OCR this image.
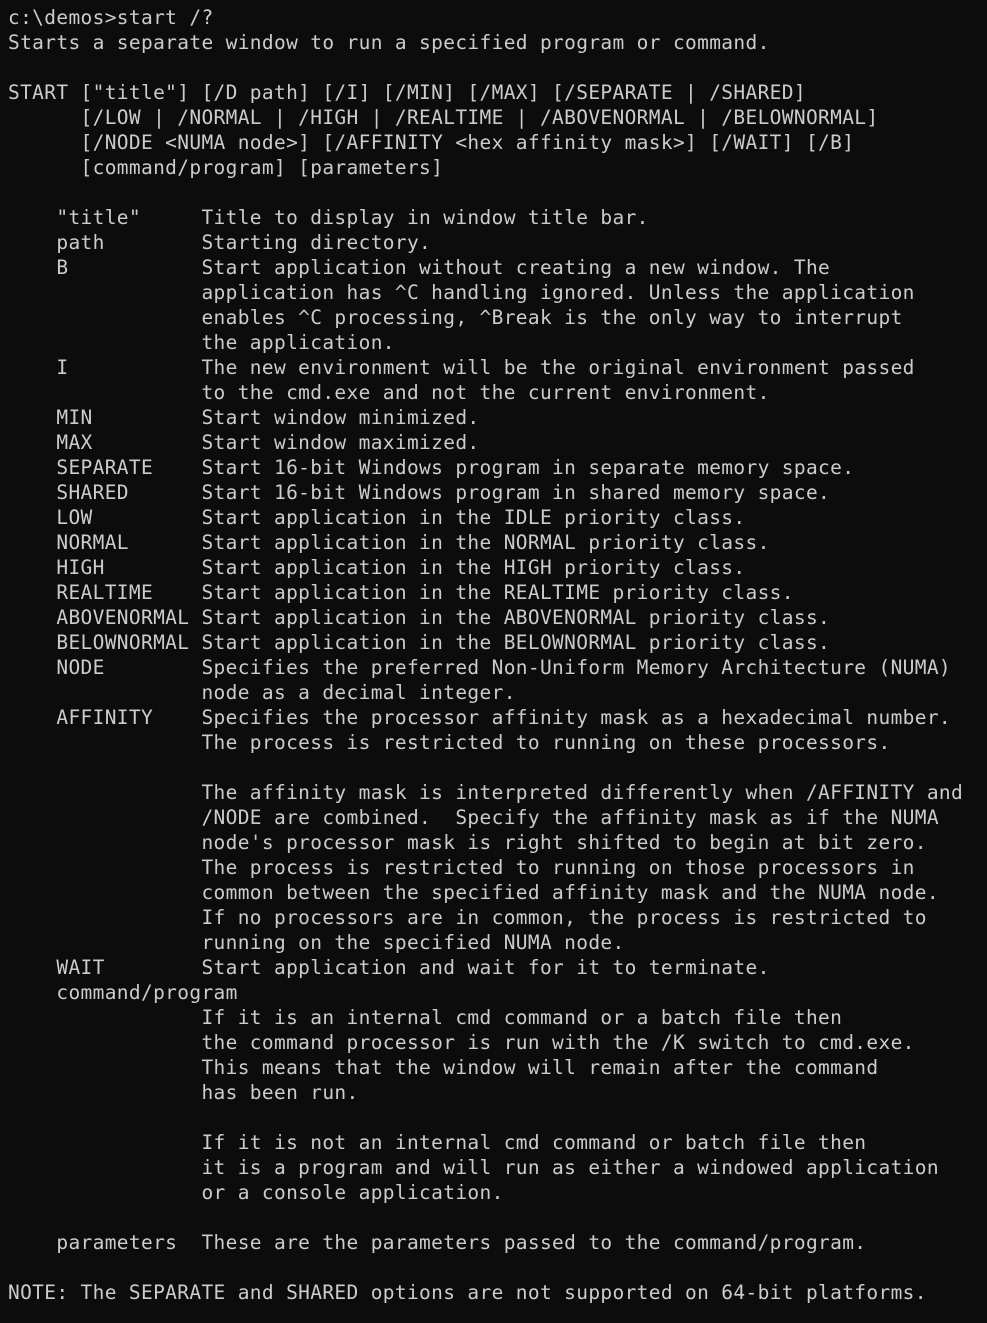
c:\demos>start /?
Starts a separate window to run a specified program or command.
START ["title"] [/D path] [/I] [/MIN] [/MAX] [/SEPARATE | /SHARED]
[/LOW | /NORMAL | /HIGH | /REALTIME | /ABOVENORMAL | /BELOWNORMAL]
[/NODE <NUMA node>] [/AFFINITY <hex affinity mask>] [/WAIT] [/B]
[command/program] [parameters]
"title"     Title to display in window title bar.
path        Starting directory.
B           Start application without creating a new window. The
application has ^C handling ignored. Unless the application
enables ^C processing, ^Break is the only way to interrupt
the application.
I           The new environment will be the original environment passed
to the cmd.exe and not the current environment.
MIN         Start window minimized.
MAX         Start window maximized.
SEPARATE    Start 16-bit Windows program in separate memory space.
SHARED      Start 16-bit Windows program in shared memory space.
LOW         Start application in the IDLE priority class.
NORMAL      Start application in the NORMAL priority class.
HIGH        Start application in the HIGH priority class.
REALTIME    Start application in the REALTIME priority class.
ABOVENORMAL Start application in the ABOVENORMAL priority class.
BELOWNORMAL Start application in the BELOWNORMAL priority class.
NODE        Specifies the preferred Non-Uniform Memory Architecture (NUMA)
node as a decimal integer.
AFFINITY    Specifies the processor affinity mask as a hexadecimal number.
The process is restricted to running on these processors.
The affinity mask is interpreted differently when /AFFINITY and
/NODE are combined.  Specify the affinity mask as if the NUMA
node's processor mask is right shifted to begin at bit zero.
The process is restricted to running on those processors in
common between the specified affinity mask and the NUMA node.
If no processors are in common, the process is restricted to
running on the specified NUMA node.
WAIT        Start application and wait for it to terminate.
command/program
If it is an internal cmd command or a batch file then
the command processor is run with the /K switch to cmd.exe.
This means that the window will remain after the command
has been run.
If it is not an internal cmd command or batch file then
it is a program and will run as either a windowed application
or a console application.
parameters  These are the parameters passed to the command/program.
NOTE: The SEPARATE and SHARED options are not supported on 64-bit platforms.
